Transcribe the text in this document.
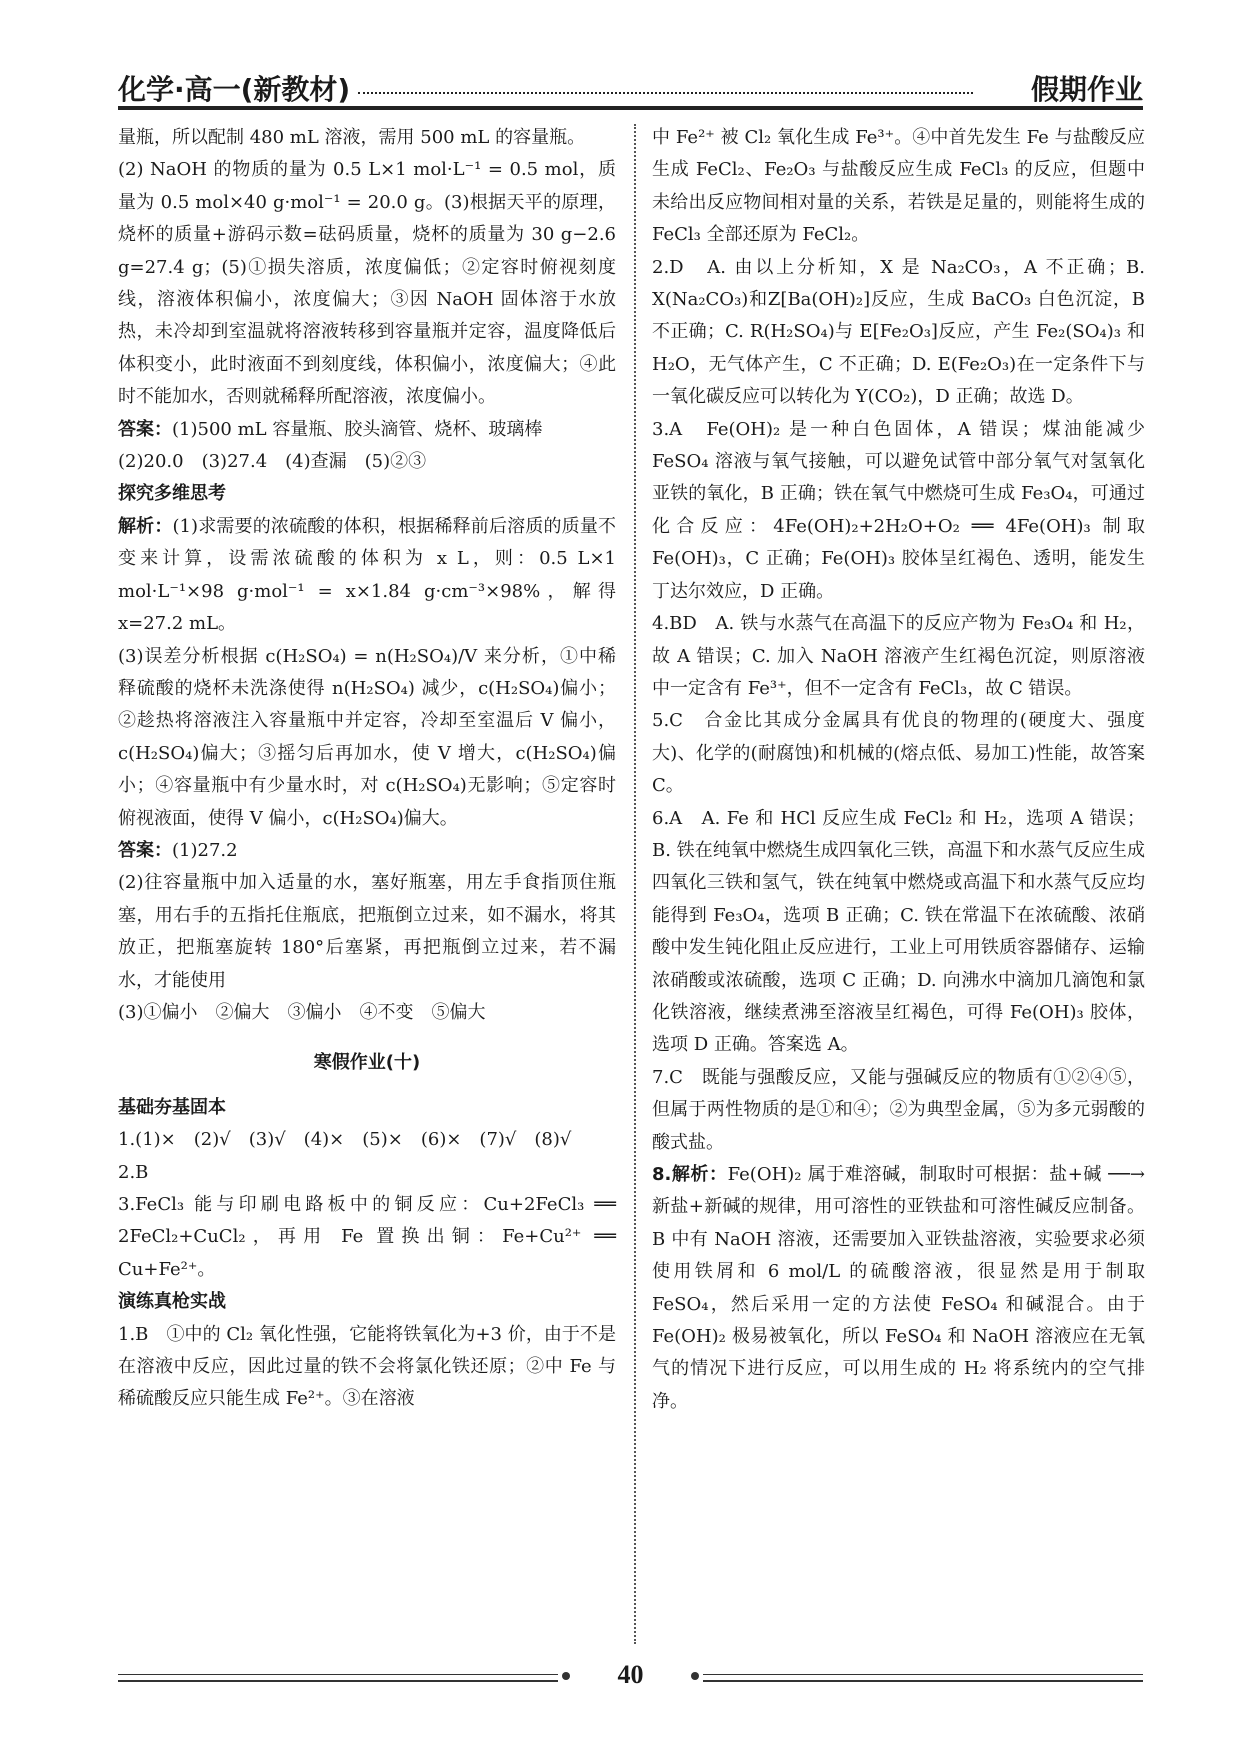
化学·高一(新教材)	假期作业

量瓶，所以配制 480 mL 溶液，需用 500 mL 的容量瓶。

(2) NaOH 的物质的量为 0.5 L×1 mol·L⁻¹ = 0.5 mol，质量为 0.5 mol×40 g·mol⁻¹ = 20.0 g。(3)根据天平的原理，烧杯的质量+游码示数=砝码质量，烧杯的质量为 30 g−2.6 g=27.4 g；(5)①损失溶质，浓度偏低；②定容时俯视刻度线，溶液体积偏小，浓度偏大；③因 NaOH 固体溶于水放热，未冷却到室温就将溶液转移到容量瓶并定容，温度降低后体积变小，此时液面不到刻度线，体积偏小，浓度偏大；④此时不能加水，否则就稀释所配溶液，浓度偏小。

答案：(1)500 mL 容量瓶、胶头滴管、烧杯、玻璃棒

(2)20.0　(3)27.4　(4)查漏　(5)②③

探究多维思考

解析：(1)求需要的浓硫酸的体积，根据稀释前后溶质的质量不变来计算，设需浓硫酸的体积为 x L，则：0.5 L×1 mol·L⁻¹×98 g·mol⁻¹ = x×1.84 g·cm⁻³×98%，解得 x=27.2 mL。

(3)误差分析根据 c(H₂SO₄) = n(H₂SO₄)/V 来分析，①中稀释硫酸的烧杯未洗涤使得 n(H₂SO₄) 减少，c(H₂SO₄)偏小；②趁热将溶液注入容量瓶中并定容，冷却至室温后 V 偏小，c(H₂SO₄)偏大；③摇匀后再加水，使 V 增大，c(H₂SO₄)偏小；④容量瓶中有少量水时，对 c(H₂SO₄)无影响；⑤定容时俯视液面，使得 V 偏小，c(H₂SO₄)偏大。

答案：(1)27.2

(2)往容量瓶中加入适量的水，塞好瓶塞，用左手食指顶住瓶塞，用右手的五指托住瓶底，把瓶倒立过来，如不漏水，将其放正，把瓶塞旋转 180°后塞紧，再把瓶倒立过来，若不漏水，才能使用

(3)①偏小　②偏大　③偏小　④不变　⑤偏大

寒假作业(十)

基础夯基固本

1.(1)×　(2)√　(3)√　(4)×　(5)×　(6)×　(7)√　(8)√

2.B

3.FeCl₃ 能与印刷电路板中的铜反应：Cu+2FeCl₃ ══ 2FeCl₂+CuCl₂，再用 Fe 置换出铜：Fe+Cu²⁺ ══ Cu+Fe²⁺。

演练真枪实战

1.B　①中的 Cl₂ 氧化性强，它能将铁氧化为+3 价，由于不是在溶液中反应，因此过量的铁不会将氯化铁还原；②中 Fe 与稀硫酸反应只能生成 Fe²⁺。③在溶液

中 Fe²⁺ 被 Cl₂ 氧化生成 Fe³⁺。④中首先发生 Fe 与盐酸反应生成 FeCl₂、Fe₂O₃ 与盐酸反应生成 FeCl₃ 的反应，但题中未给出反应物间相对量的关系，若铁是足量的，则能将生成的 FeCl₃ 全部还原为 FeCl₂。

2.D　A. 由以上分析知，X 是 Na₂CO₃，A 不正确；B. X(Na₂CO₃)和Z[Ba(OH)₂]反应，生成 BaCO₃ 白色沉淀，B 不正确；C. R(H₂SO₄)与 E[Fe₂O₃]反应，产生 Fe₂(SO₄)₃ 和 H₂O，无气体产生，C 不正确；D. E(Fe₂O₃)在一定条件下与一氧化碳反应可以转化为 Y(CO₂)，D 正确；故选 D。

3.A　Fe(OH)₂ 是一种白色固体，A 错误；煤油能减少 FeSO₄ 溶液与氧气接触，可以避免试管中部分氧气对氢氧化亚铁的氧化，B 正确；铁在氧气中燃烧可生成 Fe₃O₄，可通过化合反应：4Fe(OH)₂+2H₂O+O₂ ══ 4Fe(OH)₃ 制取 Fe(OH)₃，C 正确；Fe(OH)₃ 胶体呈红褐色、透明，能发生丁达尔效应，D 正确。

4.BD　A. 铁与水蒸气在高温下的反应产物为 Fe₃O₄ 和 H₂，故 A 错误；C. 加入 NaOH 溶液产生红褐色沉淀，则原溶液中一定含有 Fe³⁺，但不一定含有 FeCl₃，故 C 错误。

5.C　合金比其成分金属具有优良的物理的(硬度大、强度大)、化学的(耐腐蚀)和机械的(熔点低、易加工)性能，故答案 C。

6.A　A. Fe 和 HCl 反应生成 FeCl₂ 和 H₂，选项 A 错误；B. 铁在纯氧中燃烧生成四氧化三铁，高温下和水蒸气反应生成四氧化三铁和氢气，铁在纯氧中燃烧或高温下和水蒸气反应均能得到 Fe₃O₄，选项 B 正确；C. 铁在常温下在浓硫酸、浓硝酸中发生钝化阻止反应进行，工业上可用铁质容器储存、运输浓硝酸或浓硫酸，选项 C 正确；D. 向沸水中滴加几滴饱和氯化铁溶液，继续煮沸至溶液呈红褐色，可得 Fe(OH)₃ 胶体，选项 D 正确。答案选 A。

7.C　既能与强酸反应，又能与强碱反应的物质有①②④⑤，但属于两性物质的是①和④；②为典型金属，⑤为多元弱酸的酸式盐。

8.解析：Fe(OH)₂ 属于难溶碱，制取时可根据：盐+碱 ──→ 新盐+新碱的规律，用可溶性的亚铁盐和可溶性碱反应制备。B 中有 NaOH 溶液，还需要加入亚铁盐溶液，实验要求必须使用铁屑和 6 mol/L 的硫酸溶液，很显然是用于制取 FeSO₄，然后采用一定的方法使 FeSO₄ 和碱混合。由于 Fe(OH)₂ 极易被氧化，所以 FeSO₄ 和 NaOH 溶液应在无氧气的情况下进行反应，可以用生成的 H₂ 将系统内的空气排净。

40
